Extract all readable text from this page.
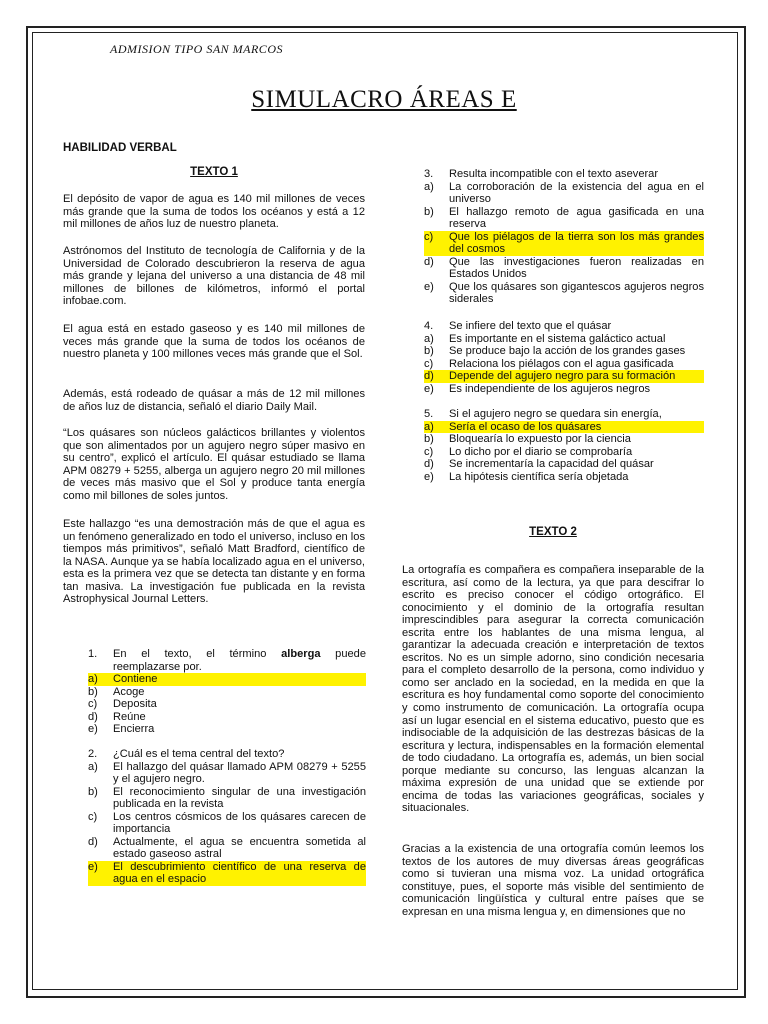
ADMISION TIPO SAN MARCOS
SIMULACRO ÁREAS E
HABILIDAD VERBAL
TEXTO 1

El depósito de vapor de agua es 140 mil millones de veces más grande que la suma de todos los océanos y está a 12 mil millones de años luz de nuestro planeta.

Astrónomos del Instituto de tecnología de California y de la Universidad de Colorado descubrieron la reserva de agua más grande y lejana del universo a una distancia de 48 mil millones de billones de kilómetros, informó el portal infobae.com.

El agua está en estado gaseoso y es 140 mil millones de veces más grande que la suma de todos los océanos de nuestro planeta y 100 millones veces más grande que el Sol.

Además, está rodeado de quásar a más de 12 mil millones de años luz de distancia, señaló el diario Daily Mail.

“Los quásares son núcleos galácticos brillantes y violentos que son alimentados por un agujero negro súper masivo en su centro”, explicó el artículo. El quásar estudiado se llama APM 08279 + 5255, alberga un agujero negro 20 mil millones de veces más masivo que el Sol y produce tanta energía como mil billones de soles juntos.

Este hallazgo “es una demostración más de que el agua es un fenómeno generalizado en todo el universo, incluso en los tiempos más primitivos”, señaló Matt Bradford, científico de la NASA. Aunque ya se había localizado agua en el universo, esta es la primera vez que se detecta tan distante y en forma tan masiva. La investigación fue publicada en la revista Astrophysical Journal Letters.

1.	En el texto, el término alberga puede reemplazarse por.
a)	Contiene
b)	Acoge
c)	Deposita
d)	Reúne
e)	Encierra
2.	¿Cuál es el tema central del texto?
a)	El hallazgo del quásar llamado APM 08279 + 5255 y el agujero negro.
b)	El reconocimiento singular de una investigación publicada en la revista
c)	Los centros cósmicos de los quásares carecen de importancia
d)	Actualmente, el agua se encuentra sometida al estado gaseoso astral
e)	El descubrimiento científico de una reserva de agua en el espacio
3.	Resulta incompatible con el texto aseverar
a)	La corroboración de la existencia del agua en el universo
b)	El hallazgo remoto de agua gasificada en una reserva
c)	Que los piélagos de la tierra son los más grandes del cosmos
d)	Que las investigaciones fueron realizadas en Estados Unidos
e)	Que los quásares son gigantescos agujeros negros siderales
4.	Se infiere del texto que el quásar
a)	Es importante en el sistema galáctico actual
b)	Se produce bajo la acción de los grandes gases
c)	Relaciona los piélagos con el agua gasificada
d)	Depende del agujero negro para su formación
e)	Es independiente de los agujeros negros
5.	Si el agujero negro se quedara sin energía,
a)	Sería el ocaso de los quásares
b)	Bloquearía lo expuesto por la ciencia
c)	Lo dicho por el diario se comprobaría
d)	Se incrementaría la capacidad del quásar
e)	La hipótesis científica sería objetada
TEXTO 2

La ortografía es compañera es compañera inseparable de la escritura, así como de la lectura, ya que para descifrar lo escrito es preciso conocer el código ortográfico. El conocimiento y el dominio de la ortografía resultan imprescindibles para asegurar la correcta comunicación escrita entre los hablantes de una misma lengua, al garantizar la adecuada creación e interpretación de textos escritos. No es un simple adorno, sino condición necesaria para el completo desarrollo de la persona, como individuo y como ser anclado en la sociedad, en la medida en que la escritura es hoy fundamental como soporte del conocimiento y como instrumento de comunicación. La ortografía ocupa así un lugar esencial en el sistema educativo, puesto que es indisociable de la adquisición de las destrezas básicas de la escritura y lectura, indispensables en la formación elemental de todo ciudadano. La ortografía es, además, un bien social porque mediante su concurso, las lenguas alcanzan la máxima expresión de una unidad que se extiende por encima de todas las variaciones geográficas, sociales y situacionales.

Gracias a la existencia de una ortografía común leemos los textos de los autores de muy diversas áreas geográficas como si tuvieran una misma voz. La unidad ortográfica constituye, pues, el soporte más visible del sentimiento de comunicación lingüística y cultural entre países que se expresan en una misma lengua y, en dimensiones que no
